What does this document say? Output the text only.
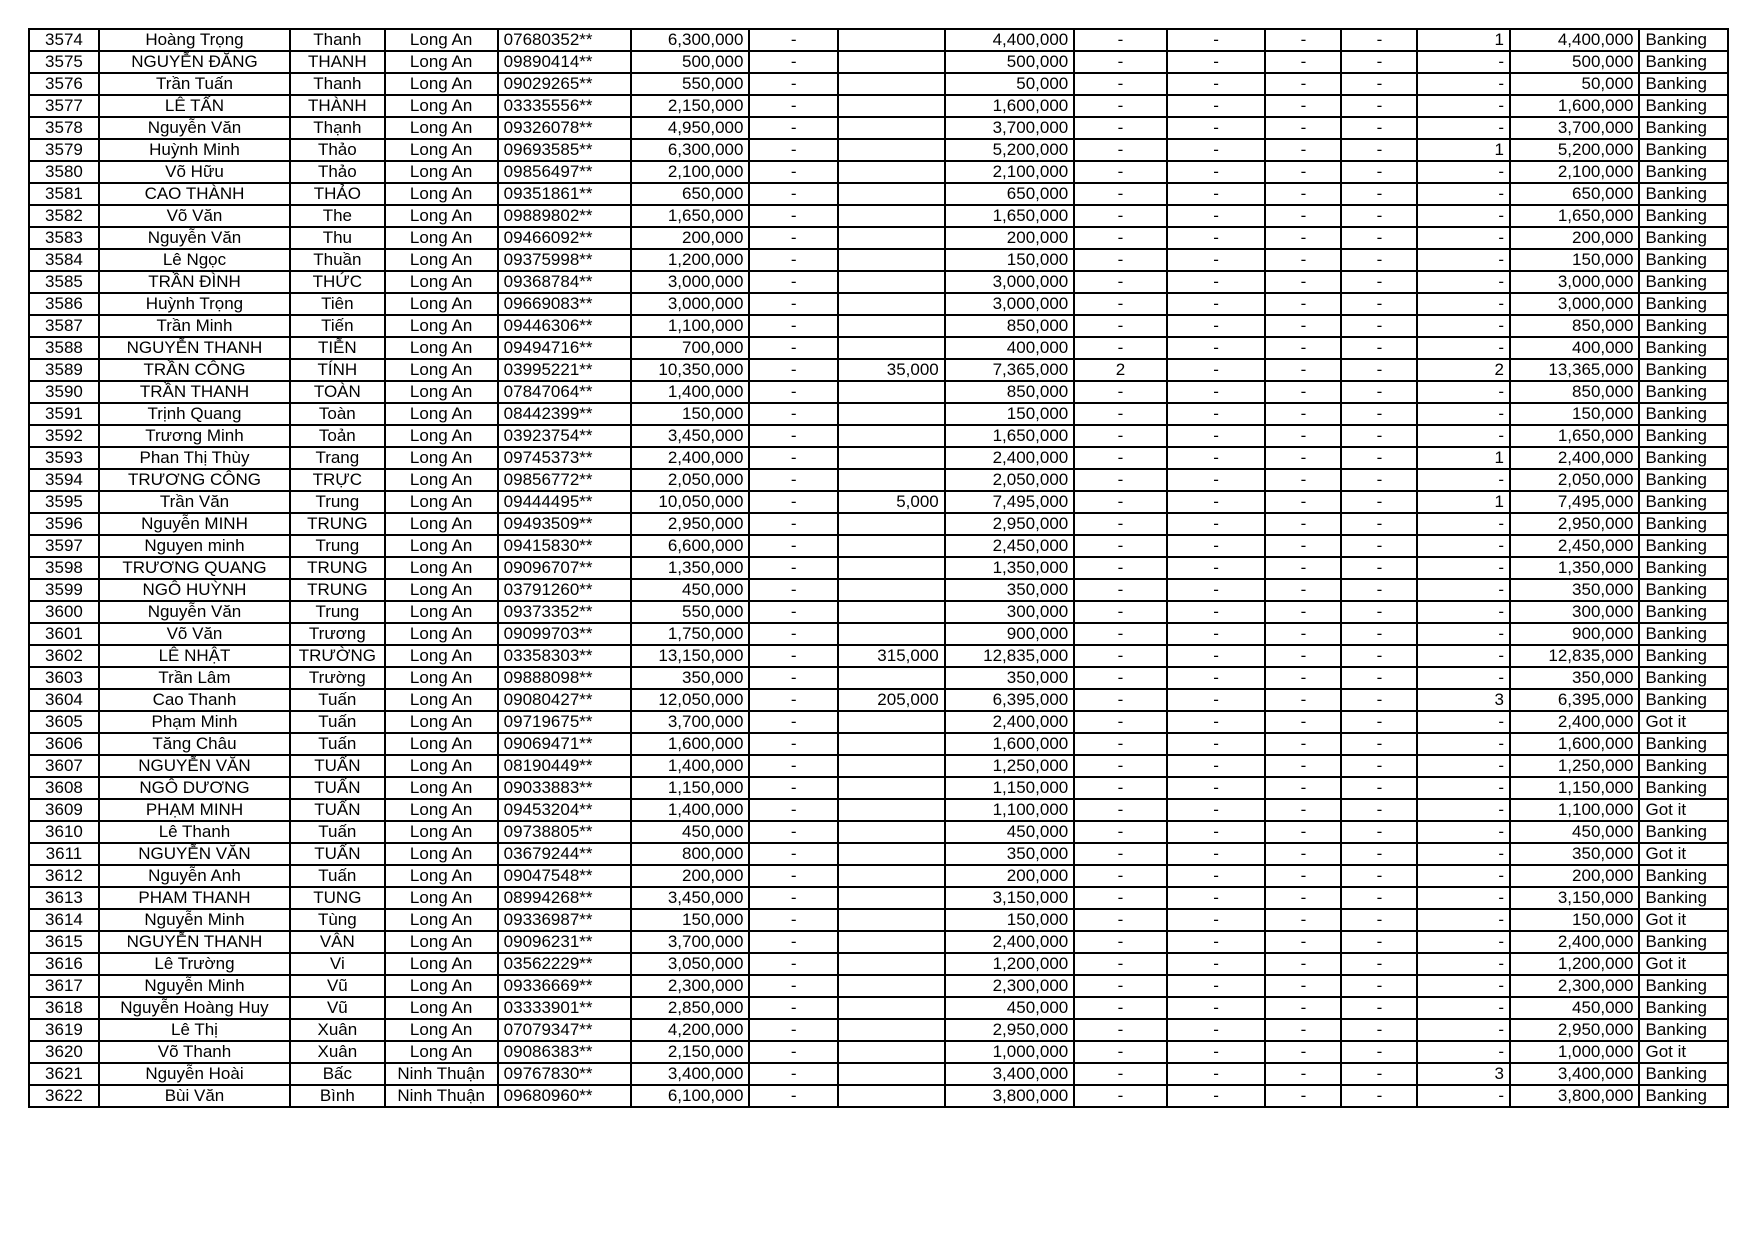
3574	Hoàng Trọng	Thanh	Long An	07680352**	6,300,000	-		4,400,000	-	-	-	-	1	4,400,000	Banking
3575	NGUYỄN ĐĂNG	THANH	Long An	09890414**	500,000	-		500,000	-	-	-	-	-	500,000	Banking
3576	Trần Tuấn	Thanh	Long An	09029265**	550,000	-		50,000	-	-	-	-	-	50,000	Banking
3577	LÊ TẤN	THÀNH	Long An	03335556**	2,150,000	-		1,600,000	-	-	-	-	-	1,600,000	Banking
3578	Nguyễn Văn	Thạnh	Long An	09326078**	4,950,000	-		3,700,000	-	-	-	-	-	3,700,000	Banking
3579	Huỳnh Minh	Thảo	Long An	09693585**	6,300,000	-		5,200,000	-	-	-	-	1	5,200,000	Banking
3580	Võ Hữu	Thảo	Long An	09856497**	2,100,000	-		2,100,000	-	-	-	-	-	2,100,000	Banking
3581	CAO THÀNH	THẢO	Long An	09351861**	650,000	-		650,000	-	-	-	-	-	650,000	Banking
3582	Võ Văn	The	Long An	09889802**	1,650,000	-		1,650,000	-	-	-	-	-	1,650,000	Banking
3583	Nguyễn Văn	Thu	Long An	09466092**	200,000	-		200,000	-	-	-	-	-	200,000	Banking
3584	Lê Ngọc	Thuần	Long An	09375998**	1,200,000	-		150,000	-	-	-	-	-	150,000	Banking
3585	TRẦN ĐÌNH	THỨC	Long An	09368784**	3,000,000	-		3,000,000	-	-	-	-	-	3,000,000	Banking
3586	Huỳnh Trọng	Tiên	Long An	09669083**	3,000,000	-		3,000,000	-	-	-	-	-	3,000,000	Banking
3587	Trần Minh	Tiến	Long An	09446306**	1,100,000	-		850,000	-	-	-	-	-	850,000	Banking
3588	NGUYỄN THANH	TIỄN	Long An	09494716**	700,000	-		400,000	-	-	-	-	-	400,000	Banking
3589	TRẦN CÔNG	TÍNH	Long An	03995221**	10,350,000	-	35,000	7,365,000	2	-	-	-	2	13,365,000	Banking
3590	TRẦN THANH	TOÀN	Long An	07847064**	1,400,000	-		850,000	-	-	-	-	-	850,000	Banking
3591	Trịnh Quang	Toàn	Long An	08442399**	150,000	-		150,000	-	-	-	-	-	150,000	Banking
3592	Trương Minh	Toản	Long An	03923754**	3,450,000	-		1,650,000	-	-	-	-	-	1,650,000	Banking
3593	Phan Thị Thùy	Trang	Long An	09745373**	2,400,000	-		2,400,000	-	-	-	-	1	2,400,000	Banking
3594	TRƯƠNG CÔNG	TRỰC	Long An	09856772**	2,050,000	-		2,050,000	-	-	-	-	-	2,050,000	Banking
3595	Trần Văn	Trung	Long An	09444495**	10,050,000	-	5,000	7,495,000	-	-	-	-	1	7,495,000	Banking
3596	Nguyễn MINH	TRUNG	Long An	09493509**	2,950,000	-		2,950,000	-	-	-	-	-	2,950,000	Banking
3597	Nguyen minh	Trung	Long An	09415830**	6,600,000	-		2,450,000	-	-	-	-	-	2,450,000	Banking
3598	TRƯƠNG QUANG	TRUNG	Long An	09096707**	1,350,000	-		1,350,000	-	-	-	-	-	1,350,000	Banking
3599	NGÔ HUỲNH	TRUNG	Long An	03791260**	450,000	-		350,000	-	-	-	-	-	350,000	Banking
3600	Nguyễn Văn	Trung	Long An	09373352**	550,000	-		300,000	-	-	-	-	-	300,000	Banking
3601	Võ Văn	Trương	Long An	09099703**	1,750,000	-		900,000	-	-	-	-	-	900,000	Banking
3602	LÊ NHẬT	TRƯỜNG	Long An	03358303**	13,150,000	-	315,000	12,835,000	-	-	-	-	-	12,835,000	Banking
3603	Trần Lâm	Trường	Long An	09888098**	350,000	-		350,000	-	-	-	-	-	350,000	Banking
3604	Cao Thanh	Tuấn	Long An	09080427**	12,050,000	-	205,000	6,395,000	-	-	-	-	3	6,395,000	Banking
3605	Phạm Minh	Tuấn	Long An	09719675**	3,700,000	-		2,400,000	-	-	-	-	-	2,400,000	Got it
3606	Tăng Châu	Tuấn	Long An	09069471**	1,600,000	-		1,600,000	-	-	-	-	-	1,600,000	Banking
3607	NGUYỄN VĂN	TUẤN	Long An	08190449**	1,400,000	-		1,250,000	-	-	-	-	-	1,250,000	Banking
3608	NGÔ DƯƠNG	TUẤN	Long An	09033883**	1,150,000	-		1,150,000	-	-	-	-	-	1,150,000	Banking
3609	PHẠM MINH	TUẤN	Long An	09453204**	1,400,000	-		1,100,000	-	-	-	-	-	1,100,000	Got it
3610	Lê Thanh	Tuấn	Long An	09738805**	450,000	-		450,000	-	-	-	-	-	450,000	Banking
3611	NGUYỄN VĂN	TUẤN	Long An	03679244**	800,000	-		350,000	-	-	-	-	-	350,000	Got it
3612	Nguyễn Anh	Tuấn	Long An	09047548**	200,000	-		200,000	-	-	-	-	-	200,000	Banking
3613	PHAM THANH	TUNG	Long An	08994268**	3,450,000	-		3,150,000	-	-	-	-	-	3,150,000	Banking
3614	Nguyễn Minh	Tùng	Long An	09336987**	150,000	-		150,000	-	-	-	-	-	150,000	Got it
3615	NGUYỄN THANH	VÂN	Long An	09096231**	3,700,000	-		2,400,000	-	-	-	-	-	2,400,000	Banking
3616	Lê Trường	Vi	Long An	03562229**	3,050,000	-		1,200,000	-	-	-	-	-	1,200,000	Got it
3617	Nguyễn Minh	Vũ	Long An	09336669**	2,300,000	-		2,300,000	-	-	-	-	-	2,300,000	Banking
3618	Nguyễn Hoàng Huy	Vũ	Long An	03333901**	2,850,000	-		450,000	-	-	-	-	-	450,000	Banking
3619	Lê Thị	Xuân	Long An	07079347**	4,200,000	-		2,950,000	-	-	-	-	-	2,950,000	Banking
3620	Võ Thanh	Xuân	Long An	09086383**	2,150,000	-		1,000,000	-	-	-	-	-	1,000,000	Got it
3621	Nguyễn Hoài	Bấc	Ninh Thuận	09767830**	3,400,000	-		3,400,000	-	-	-	-	3	3,400,000	Banking
3622	Bùi Văn	Bình	Ninh Thuận	09680960**	6,100,000	-		3,800,000	-	-	-	-	-	3,800,000	Banking
